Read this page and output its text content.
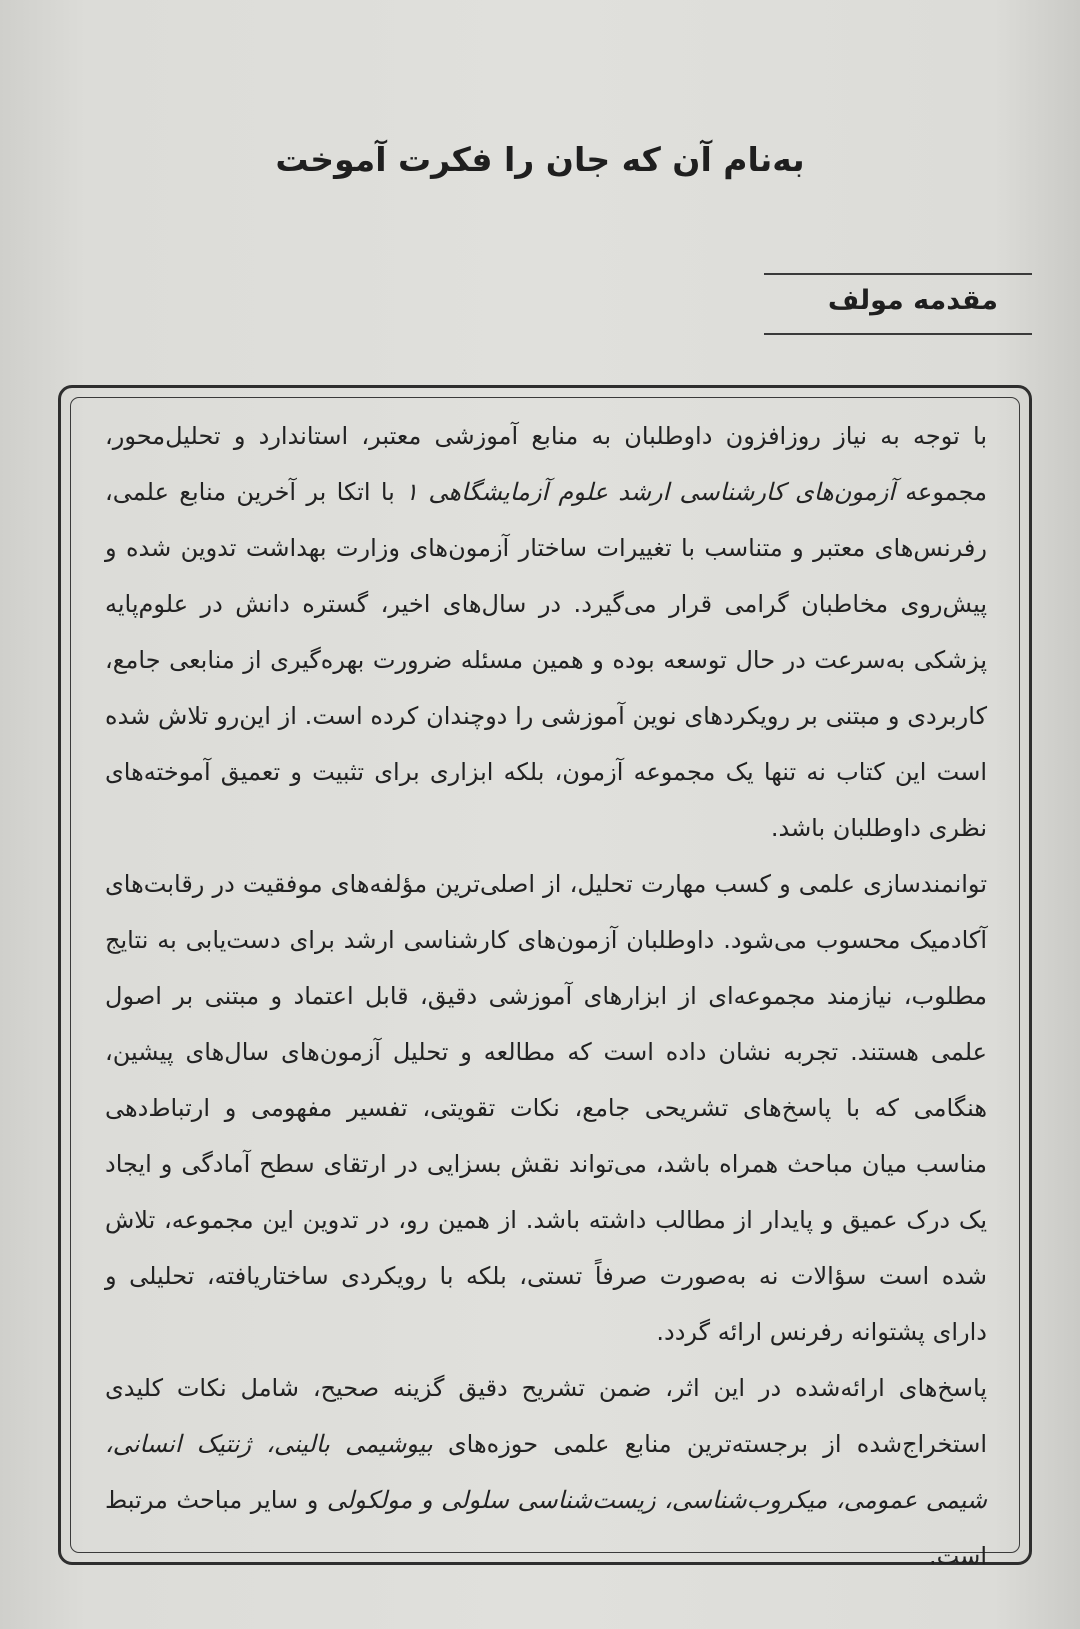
به‌نام آن که جان را فکرت آموخت
مقدمه مولف

با توجه به نیاز روزافزون داوطلبان به منابع آموزشی معتبر، استاندارد و تحلیل‌محور، مجموعه آزمون‌های کارشناسی ارشد علوم آزمایشگاهی ۱ با اتکا بر آخرین منابع علمی، رفرنس‌های معتبر و متناسب با تغییرات ساختار آزمون‌های وزارت بهداشت تدوین شده و پیش‌روی مخاطبان گرامی قرار می‌گیرد. در سال‌های اخیر، گستره دانش در علوم‌پایه پزشکی به‌سرعت در حال توسعه بوده و همین مسئله ضرورت بهره‌گیری از منابعی جامع، کاربردی و مبتنی بر رویکردهای نوین آموزشی را دوچندان کرده است. از این‌رو تلاش شده است این کتاب نه تنها یک مجموعه آزمون، بلکه ابزاری برای تثبیت و تعمیق آموخته‌های نظری داوطلبان باشد.

توانمندسازی علمی و کسب مهارت تحلیل، از اصلی‌ترین مؤلفه‌های موفقیت در رقابت‌های آکادمیک محسوب می‌شود. داوطلبان آزمون‌های کارشناسی ارشد برای دست‌یابی به نتایج مطلوب، نیازمند مجموعه‌ای از ابزارهای آموزشی دقیق، قابل اعتماد و مبتنی بر اصول علمی هستند. تجربه نشان داده است که مطالعه و تحلیل آزمون‌های سال‌های پیشین، هنگامی که با پاسخ‌های تشریحی جامع، نکات تقویتی، تفسیر مفهومی و ارتباط‌دهی مناسب میان مباحث همراه باشد، می‌تواند نقش بسزایی در ارتقای سطح آمادگی و ایجاد یک درک عمیق و پایدار از مطالب داشته باشد. از همین رو، در تدوین این مجموعه، تلاش شده است سؤالات نه به‌صورت صرفاً تستی، بلکه با رویکردی ساختاریافته، تحلیلی و دارای پشتوانه رفرنس ارائه گردد.

پاسخ‌های ارائه‌شده در این اثر، ضمن تشریح دقیق گزینه صحیح، شامل نکات کلیدی استخراج‌شده از برجسته‌ترین منابع علمی حوزه‌های بیوشیمی بالینی، ژنتیک انسانی، شیمی عمومی، میکروب‌شناسی، زیست‌شناسی سلولی و مولکولی و سایر مباحث مرتبط است.
